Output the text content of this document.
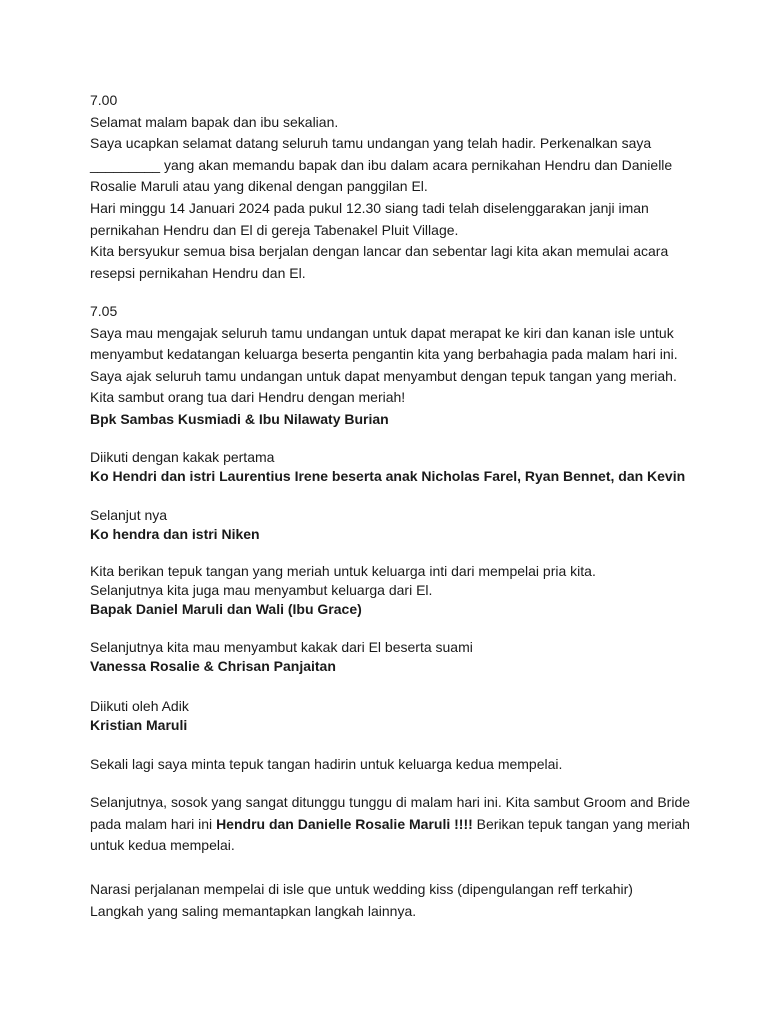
7.00
Selamat malam bapak dan ibu sekalian.
Saya ucapkan selamat datang seluruh tamu undangan yang telah hadir. Perkenalkan saya
_________ yang akan memandu bapak dan ibu dalam acara pernikahan Hendru dan Danielle
Rosalie Maruli atau yang dikenal dengan panggilan El.
Hari minggu 14 Januari 2024 pada pukul 12.30 siang tadi telah diselenggarakan janji iman
pernikahan Hendru dan El di gereja Tabenakel Pluit Village.
Kita bersyukur semua bisa berjalan dengan lancar dan sebentar lagi kita akan memulai acara
resepsi pernikahan Hendru dan El.
7.05
Saya mau mengajak seluruh tamu undangan untuk dapat merapat ke kiri dan kanan isle untuk
menyambut kedatangan keluarga beserta pengantin kita yang berbahagia pada malam hari ini.
Saya ajak seluruh tamu undangan untuk dapat menyambut dengan tepuk tangan yang meriah.
Kita sambut orang tua dari Hendru dengan meriah!
Bpk Sambas Kusmiadi & Ibu Nilawaty Burian
Diikuti dengan kakak pertama
Ko Hendri dan istri Laurentius Irene beserta anak Nicholas Farel, Ryan Bennet, dan Kevin
Selanjut nya
Ko hendra dan istri Niken
Kita berikan tepuk tangan yang meriah untuk keluarga inti dari mempelai pria kita.
Selanjutnya kita juga mau menyambut keluarga dari El.
Bapak Daniel Maruli dan Wali (Ibu Grace)
Selanjutnya kita mau menyambut kakak dari El beserta suami
Vanessa Rosalie & Chrisan Panjaitan
Diikuti oleh Adik
Kristian Maruli
Sekali lagi saya minta tepuk tangan hadirin untuk keluarga kedua mempelai.
Selanjutnya, sosok yang sangat ditunggu tunggu di malam hari ini. Kita sambut Groom and Bride
pada malam hari ini Hendru dan Danielle Rosalie Maruli !!!! Berikan tepuk tangan yang meriah
untuk kedua mempelai.
Narasi perjalanan mempelai di isle que untuk wedding kiss (dipengulangan reff terkahir)
Langkah yang saling memantapkan langkah lainnya.
